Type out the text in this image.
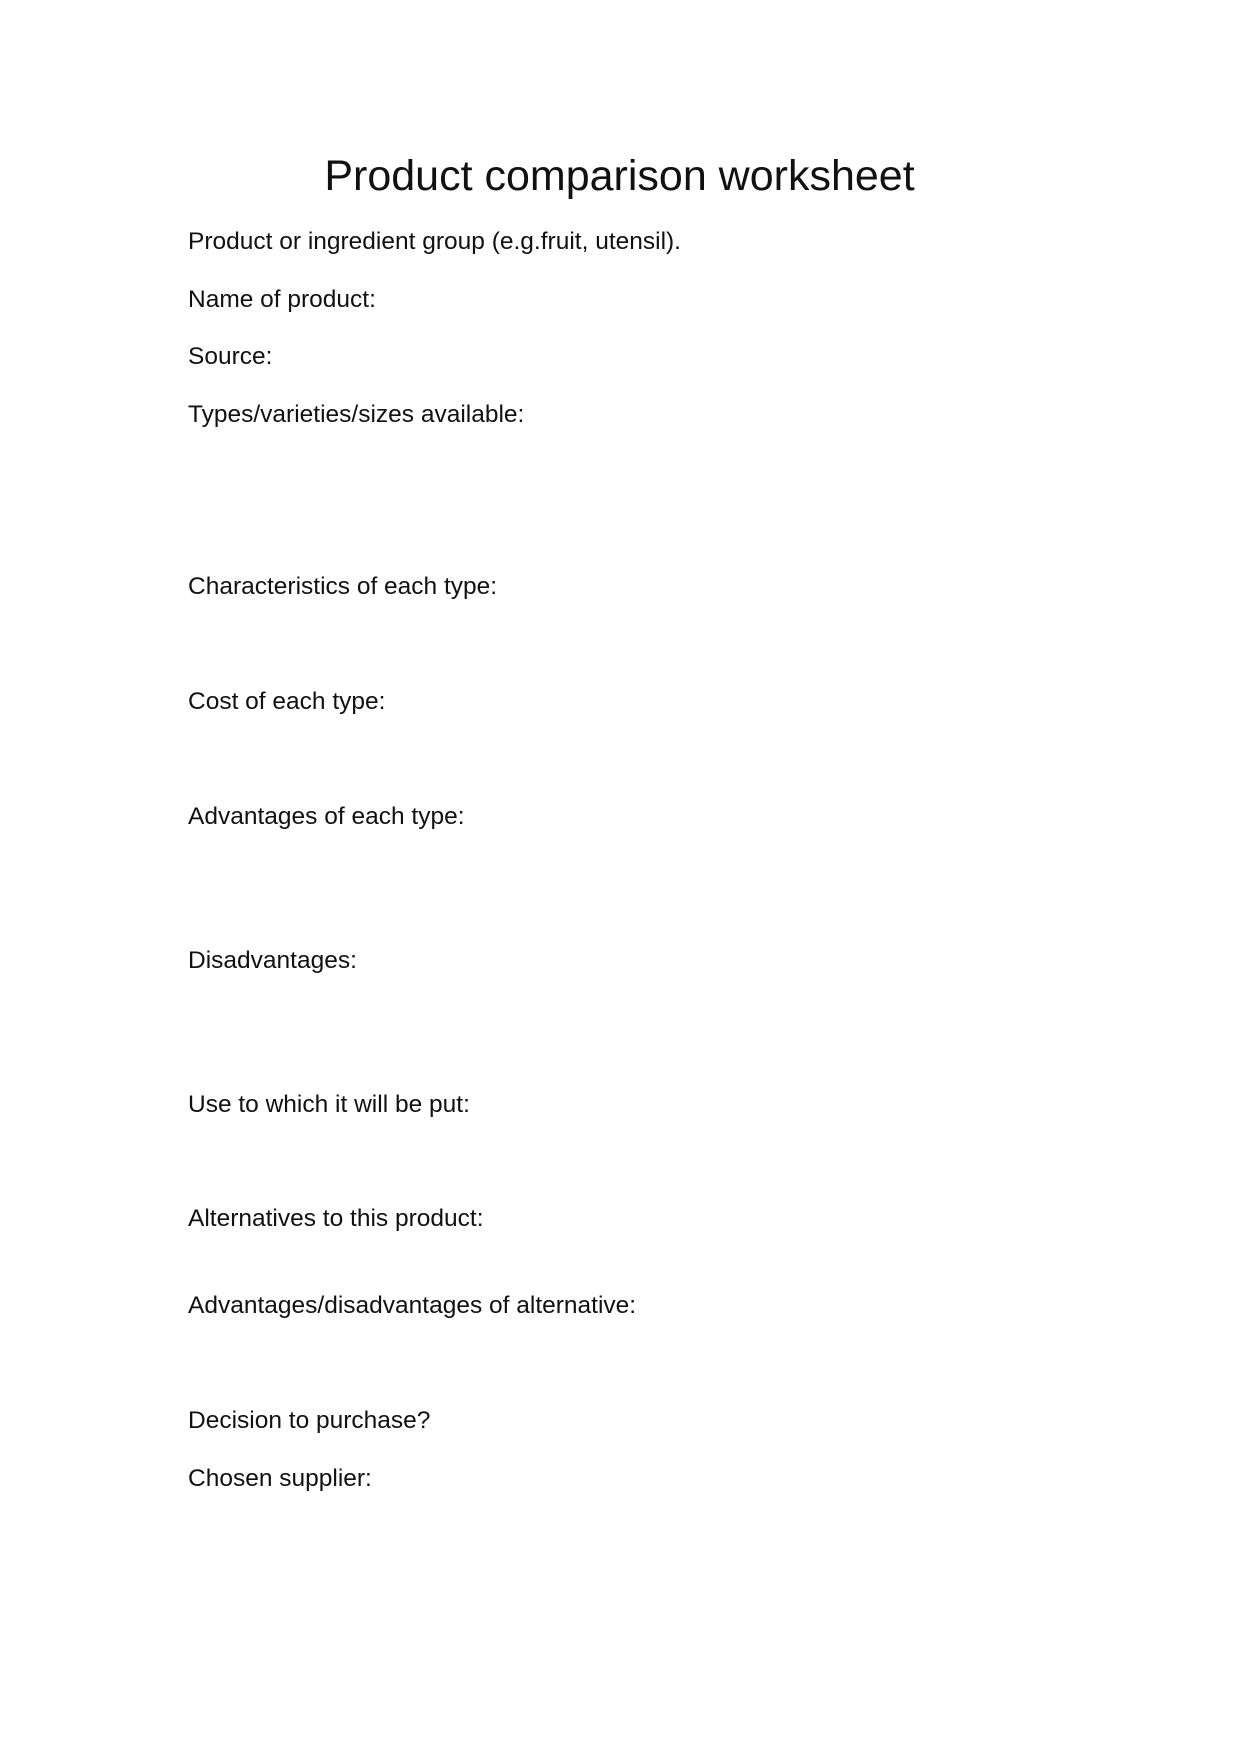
Product comparison worksheet

Product or ingredient group (e.g.fruit, utensil).

Name of product:

Source:

Types/varieties/sizes available:

Characteristics of each type:

Cost of each type:

Advantages of each type:

Disadvantages:

Use to which it will be put:

Alternatives to this product:

Advantages/disadvantages of alternative:

Decision to purchase?

Chosen supplier:
